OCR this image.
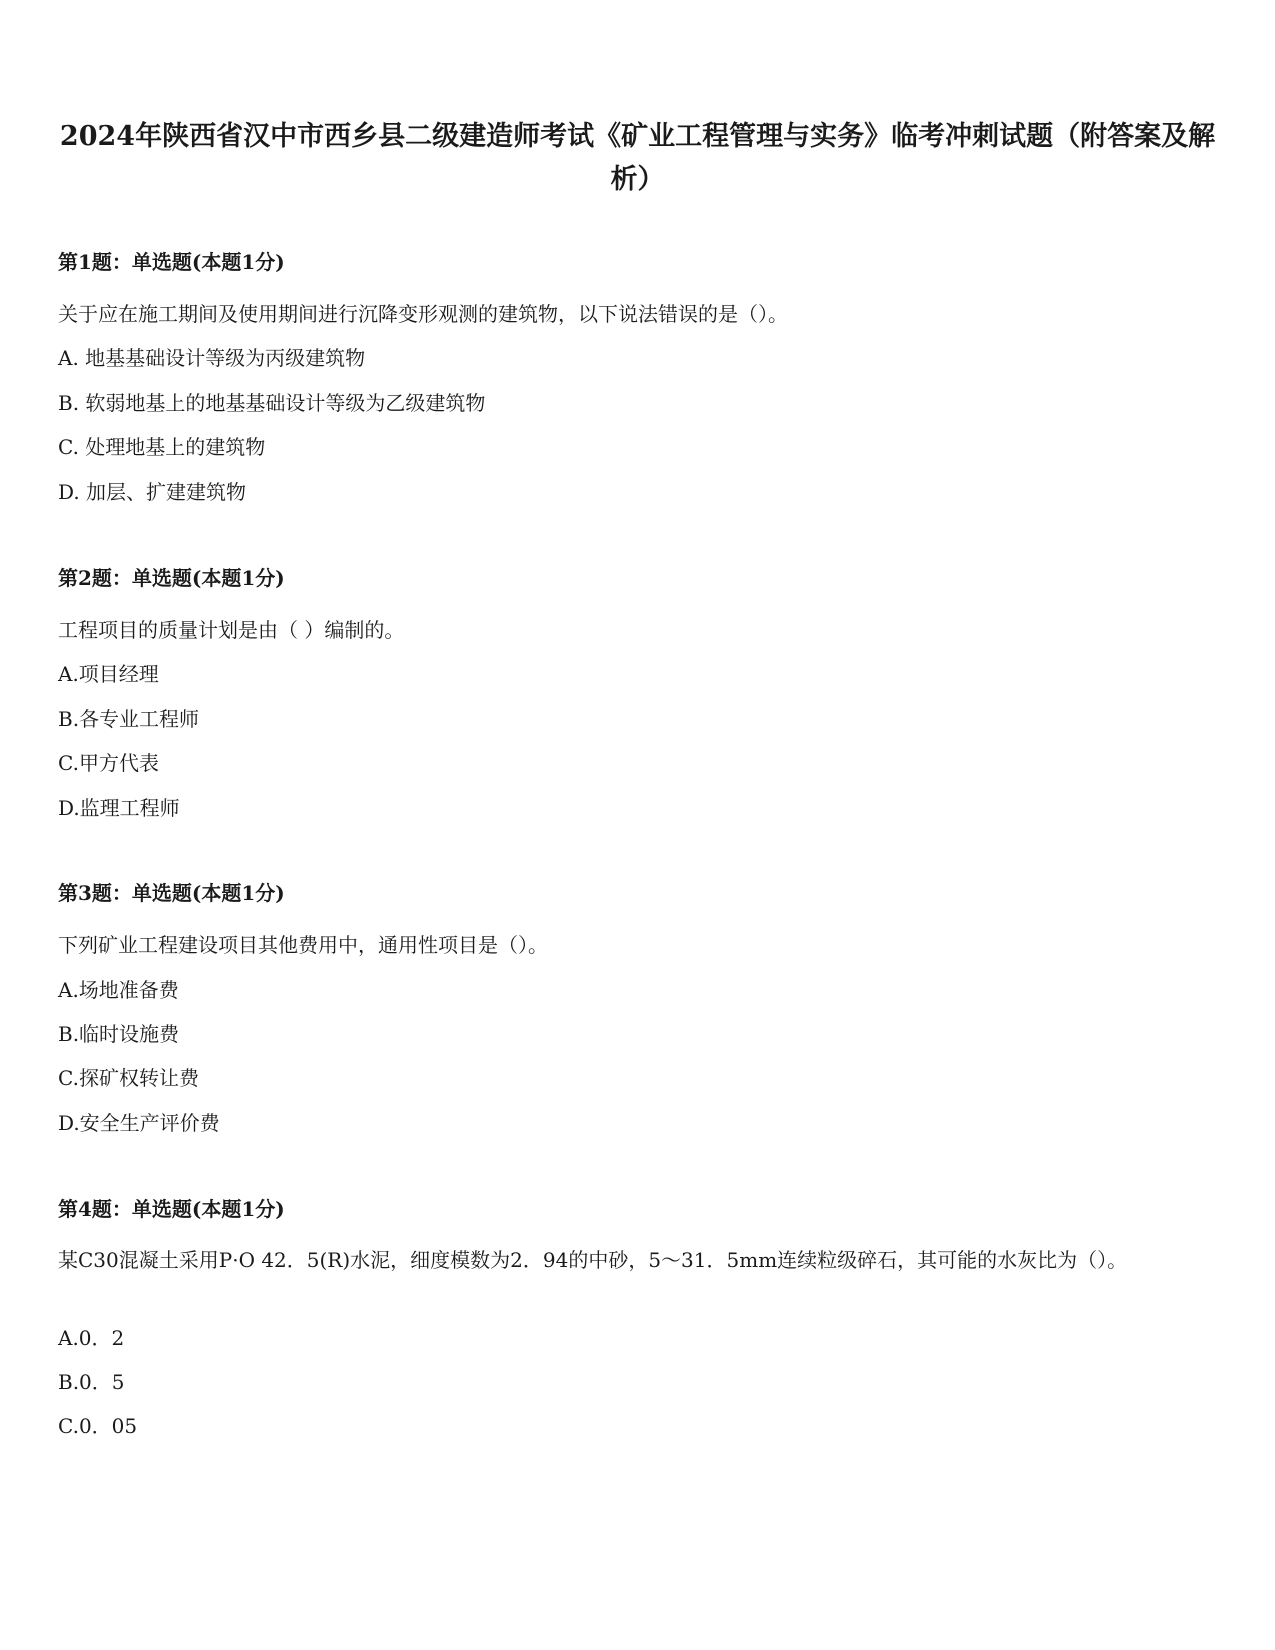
2024年陕西省汉中市西乡县二级建造师考试《矿业工程管理与实务》临考冲刺试题（附答案及解析）
第1题：单选题(本题1分)
关于应在施工期间及使用期间进行沉降变形观测的建筑物，以下说法错误的是（）。
A. 地基基础设计等级为丙级建筑物
B. 软弱地基上的地基基础设计等级为乙级建筑物
C. 处理地基上的建筑物
D. 加层、扩建建筑物
第2题：单选题(本题1分)
工程项目的质量计划是由（ ）编制的。
A.项目经理
B.各专业工程师
C.甲方代表
D.监理工程师
第3题：单选题(本题1分)
下列矿业工程建设项目其他费用中，通用性项目是（）。
A.场地准备费
B.临时设施费
C.探矿权转让费
D.安全生产评价费
第4题：单选题(本题1分)
某C30混凝土采用P·O 42．5(R)水泥，细度模数为2．94的中砂，5～31．5mm连续粒级碎石，其可能的水灰比为（）。
A.0．2
B.0．5
C.0．05
